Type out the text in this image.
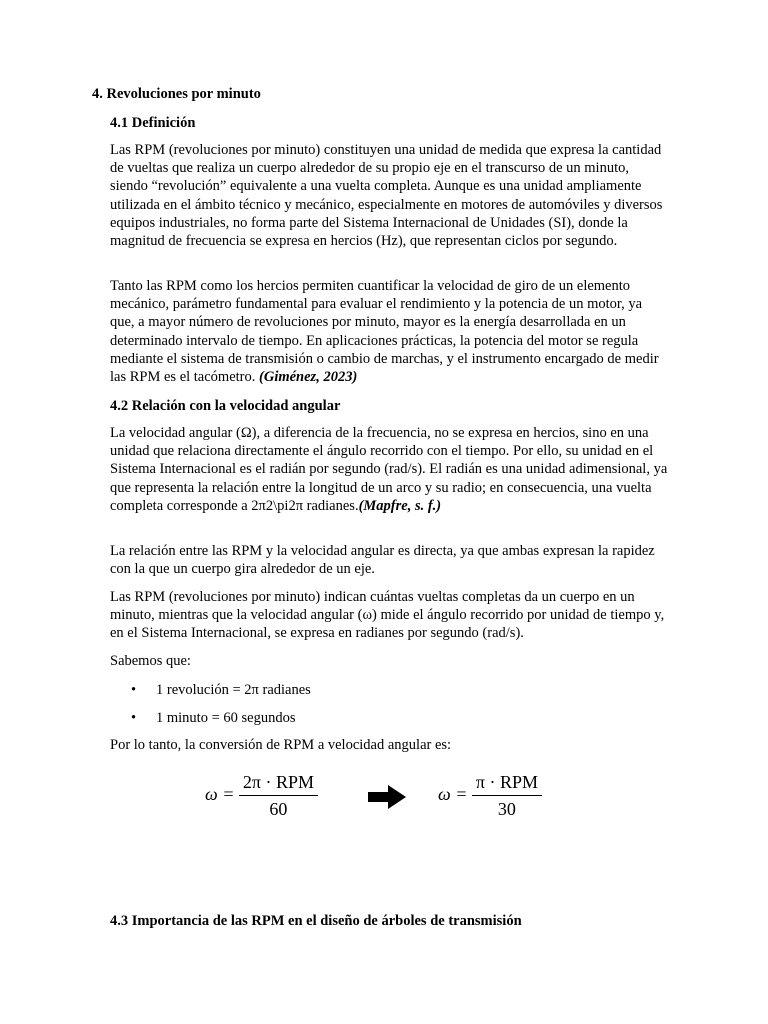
4. Revoluciones por minuto
4.1 Definición

Las RPM (revoluciones por minuto) constituyen una unidad de medida que expresa la cantidad de vueltas que realiza un cuerpo alrededor de su propio eje en el transcurso de un minuto, siendo “revolución” equivalente a una vuelta completa. Aunque es una unidad ampliamente utilizada en el ámbito técnico y mecánico, especialmente en motores de automóviles y diversos equipos industriales, no forma parte del Sistema Internacional de Unidades (SI), donde la magnitud de frecuencia se expresa en hercios (Hz), que representan ciclos por segundo.

Tanto las RPM como los hercios permiten cuantificar la velocidad de giro de un elemento mecánico, parámetro fundamental para evaluar el rendimiento y la potencia de un motor, ya que, a mayor número de revoluciones por minuto, mayor es la energía desarrollada en un determinado intervalo de tiempo. En aplicaciones prácticas, la potencia del motor se regula mediante el sistema de transmisión o cambio de marchas, y el instrumento encargado de medir las RPM es el tacómetro. (Giménez, 2023)

4.2 Relación con la velocidad angular

La velocidad angular (Ω), a diferencia de la frecuencia, no se expresa en hercios, sino en una unidad que relaciona directamente el ángulo recorrido con el tiempo. Por ello, su unidad en el Sistema Internacional es el radián por segundo (rad/s). El radián es una unidad adimensional, ya que representa la relación entre la longitud de un arco y su radio; en consecuencia, una vuelta completa corresponde a 2π2\pi2π radianes.(Mapfre, s. f.)

La relación entre las RPM y la velocidad angular es directa, ya que ambas expresan la rapidez con la que un cuerpo gira alrededor de un eje.

Las RPM (revoluciones por minuto) indican cuántas vueltas completas da un cuerpo en un minuto, mientras que la velocidad angular (ω) mide el ángulo recorrido por unidad de tiempo y, en el Sistema Internacional, se expresa en radianes por segundo (rad/s).

Sabemos que:

• 1 revolución = 2π radianes
• 1 minuto = 60 segundos

Por lo tanto, la conversión de RPM a velocidad angular es:

$\omega = \frac{\text{2π · RPM}}{60}$	$\omega = \frac{\text{π · RPM}}{30}$
4.3 Importancia de las RPM en el diseño de árboles de transmisión
